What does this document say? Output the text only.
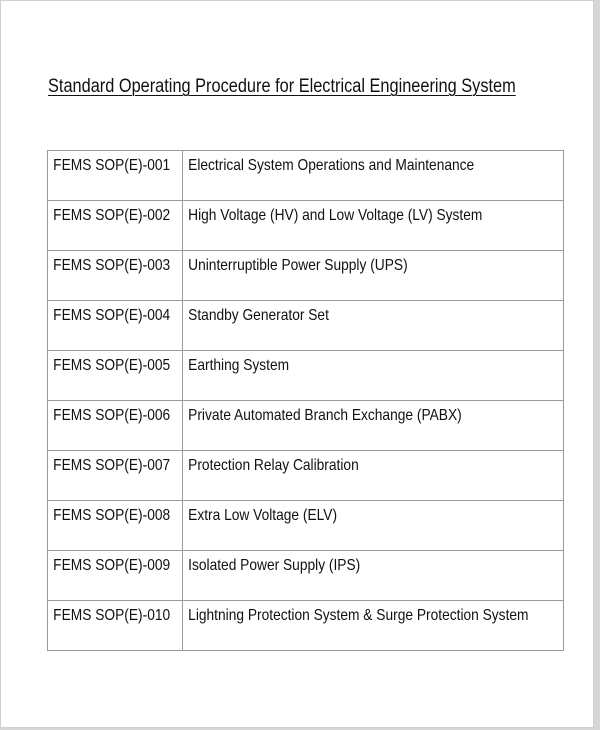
Standard Operating Procedure for Electrical Engineering System
FEMS SOP(E)-001	Electrical System Operations and Maintenance

FEMS SOP(E)-002	High Voltage (HV) and Low Voltage (LV) System

FEMS SOP(E)-003	Uninterruptible Power Supply (UPS)

FEMS SOP(E)-004	Standby Generator Set

FEMS SOP(E)-005	Earthing System

FEMS SOP(E)-006	Private Automated Branch Exchange (PABX)

FEMS SOP(E)-007	Protection Relay Calibration

FEMS SOP(E)-008	Extra Low Voltage (ELV)

FEMS SOP(E)-009	Isolated Power Supply (IPS)

FEMS SOP(E)-010	Lightning Protection System & Surge Protection System
